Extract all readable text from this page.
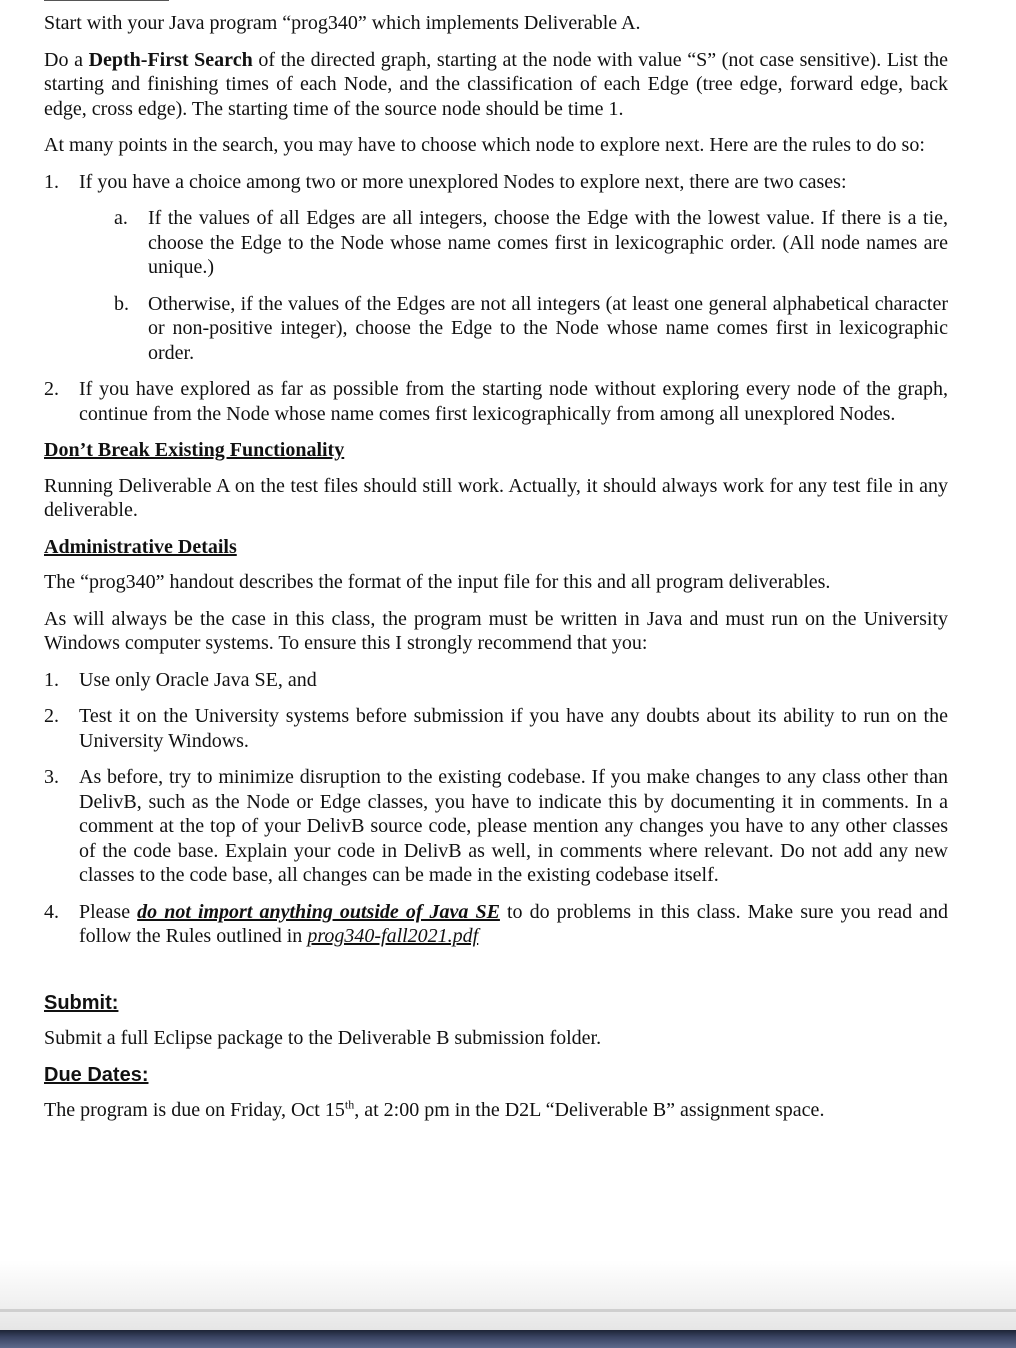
Start with your Java program “prog340” which implements Deliverable A.

Do a Depth-First Search of the directed graph, starting at the node with value “S” (not case sensitive). List the starting and finishing times of each Node, and the classification of each Edge (tree edge, forward edge, back edge, cross edge). The starting time of the source node should be time 1.

At many points in the search, you may have to choose which node to explore next. Here are the rules to do so:

1. If you have a choice among two or more unexplored Nodes to explore next, there are two cases:
a. If the values of all Edges are all integers, choose the Edge with the lowest value. If there is a tie, choose the Edge to the Node whose name comes first in lexicographic order. (All node names are unique.)
b. Otherwise, if the values of the Edges are not all integers (at least one general alphabetical character or non-positive integer), choose the Edge to the Node whose name comes first in lexicographic order.
2. If you have explored as far as possible from the starting node without exploring every node of the graph, continue from the Node whose name comes first lexicographically from among all unexplored Nodes.
Don’t Break Existing Functionality

Running Deliverable A on the test files should still work. Actually, it should always work for any test file in any deliverable.

Administrative Details

The “prog340” handout describes the format of the input file for this and all program deliverables.

As will always be the case in this class, the program must be written in Java and must run on the University Windows computer systems. To ensure this I strongly recommend that you:

1. Use only Oracle Java SE, and
2. Test it on the University systems before submission if you have any doubts about its ability to run on the University Windows.
3. As before, try to minimize disruption to the existing codebase. If you make changes to any class other than DelivB, such as the Node or Edge classes, you have to indicate this by documenting it in comments. In a comment at the top of your DelivB source code, please mention any changes you have to any other classes of the code base. Explain your code in DelivB as well, in comments where relevant. Do not add any new classes to the code base, all changes can be made in the existing codebase itself.
4. Please do not import anything outside of Java SE to do problems in this class. Make sure you read and follow the Rules outlined in prog340-fall2021.pdf
Submit:

Submit a full Eclipse package to the Deliverable B submission folder.

Due Dates:

The program is due on Friday, Oct 15th, at 2:00 pm in the D2L “Deliverable B” assignment space.
